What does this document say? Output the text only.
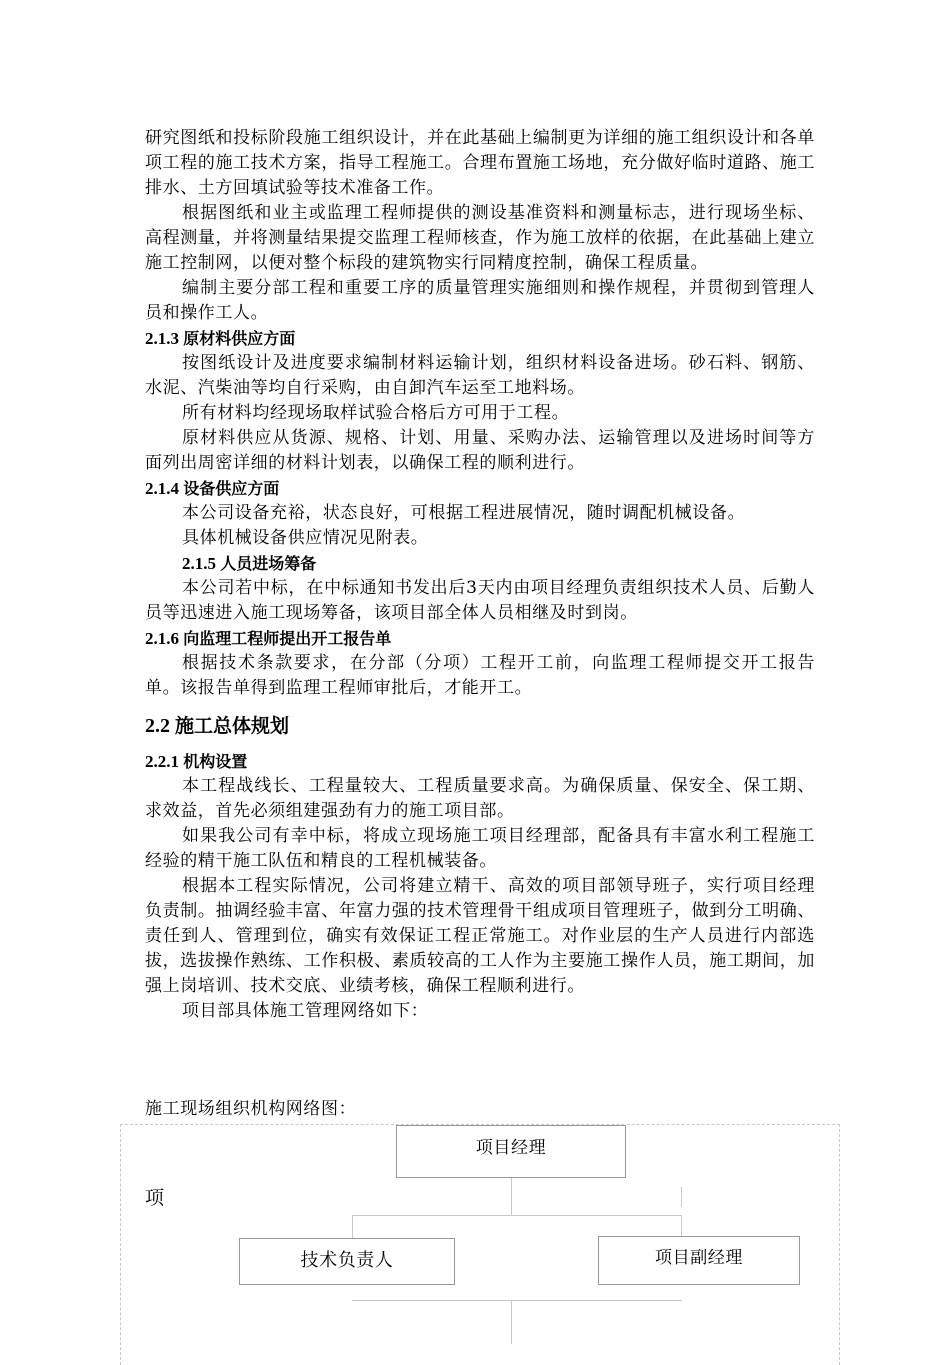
研究图纸和投标阶段施工组织设计，并在此基础上编制更为详细的施工组织设计和各单项工程的施工技术方案，指导工程施工。合理布置施工场地，充分做好临时道路、施工排水、土方回填试验等技术准备工作。

根据图纸和业主或监理工程师提供的测设基准资料和测量标志，进行现场坐标、高程测量，并将测量结果提交监理工程师核查，作为施工放样的依据，在此基础上建立施工控制网，以便对整个标段的建筑物实行同精度控制，确保工程质量。

编制主要分部工程和重要工序的质量管理实施细则和操作规程，并贯彻到管理人员和操作工人。

2.1.3 原材料供应方面

按图纸设计及进度要求编制材料运输计划，组织材料设备进场。砂石料、钢筋、水泥、汽柴油等均自行采购，由自卸汽车运至工地料场。

所有材料均经现场取样试验合格后方可用于工程。

原材料供应从货源、规格、计划、用量、采购办法、运输管理以及进场时间等方面列出周密详细的材料计划表，以确保工程的顺利进行。

2.1.4 设备供应方面

本公司设备充裕，状态良好，可根据工程进展情况，随时调配机械设备。

具体机械设备供应情况见附表。

2.1.5 人员进场筹备

本公司若中标，在中标通知书发出后3天内由项目经理负责组织技术人员、后勤人员等迅速进入施工现场筹备，该项目部全体人员相继及时到岗。

2.1.6 向监理工程师提出开工报告单

根据技术条款要求，在分部（分项）工程开工前，向监理工程师提交开工报告单。该报告单得到监理工程师审批后，才能开工。

2.2 施工总体规划

2.2.1 机构设置

本工程战线长、工程量较大、工程质量要求高。为确保质量、保安全、保工期、求效益，首先必须组建强劲有力的施工项目部。

如果我公司有幸中标，将成立现场施工项目经理部，配备具有丰富水利工程施工经验的精干施工队伍和精良的工程机械装备。

根据本工程实际情况，公司将建立精干、高效的项目部领导班子，实行项目经理负责制。抽调经验丰富、年富力强的技术管理骨干组成项目管理班子，做到分工明确、责任到人、管理到位，确实有效保证工程正常施工。对作业层的生产人员进行内部选拔，选拔操作熟练、工作积极、素质较高的工人作为主要施工操作人员，施工期间，加强上岗培训、技术交底、业绩考核，确保工程顺利进行。

项目部具体施工管理网络如下：

施工现场组织机构网络图：
项目经理
项
技术负责人	项目副经理
